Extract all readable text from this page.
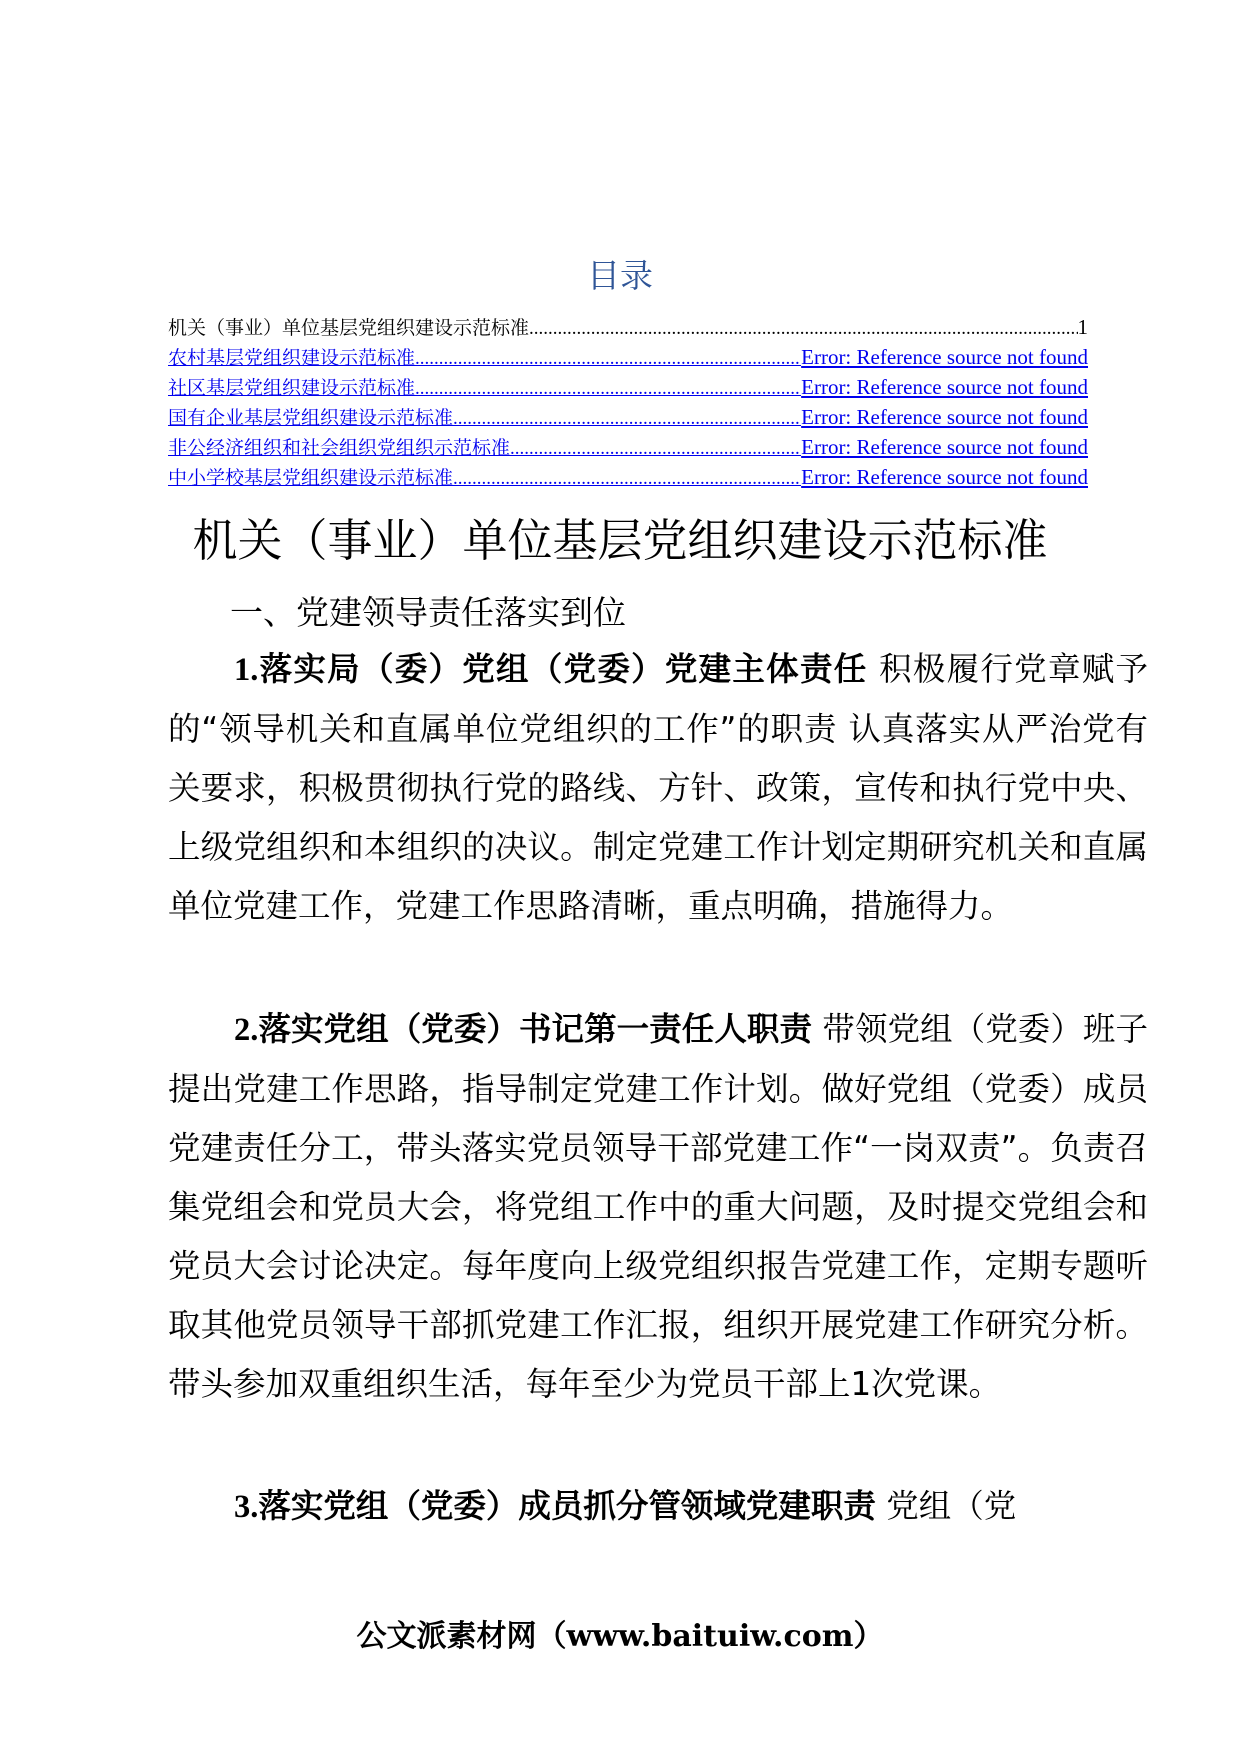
目录
机关（事业）单位基层党组织建设示范标准 .....	1
农村基层党组织建设示范标准 .....	Error: Reference source not found
社区基层党组织建设示范标准 .....	Error: Reference source not found
国有企业基层党组织建设示范标准 .....	Error: Reference source not found
非公经济组织和社会组织党组织示范标准 .....	Error: Reference source not found
中小学校基层党组织建设示范标准 .....	Error: Reference source not found
机关（事业）单位基层党组织建设示范标准
一、党建领导责任落实到位

1.落实局（委）党组（党委）党建主体责任 积极履行党章赋予的“领导机关和直属单位党组织的工作”的职责 认真落实从严治党有关要求，积极贯彻执行党的路线、方针、政策，宣传和执行党中央、上级党组织和本组织的决议。制定党建工作计划定期研究机关和直属单位党建工作，党建工作思路清晰，重点明确，措施得力。

2.落实党组（党委）书记第一责任人职责 带领党组（党委）班子提出党建工作思路，指导制定党建工作计划。做好党组（党委）成员党建责任分工，带头落实党员领导干部党建工作“一岗双责”。负责召集党组会和党员大会，将党组工作中的重大问题，及时提交党组会和党员大会讨论决定。每年度向上级党组织报告党建工作，定期专题听取其他党员领导干部抓党建工作汇报，组织开展党建工作研究分析。带头参加双重组织生活，每年至少为党员干部上1次党课。

3.落实党组（党委）成员抓分管领域党建职责 党组（党

公文派素材网（www.baituiw.com）
